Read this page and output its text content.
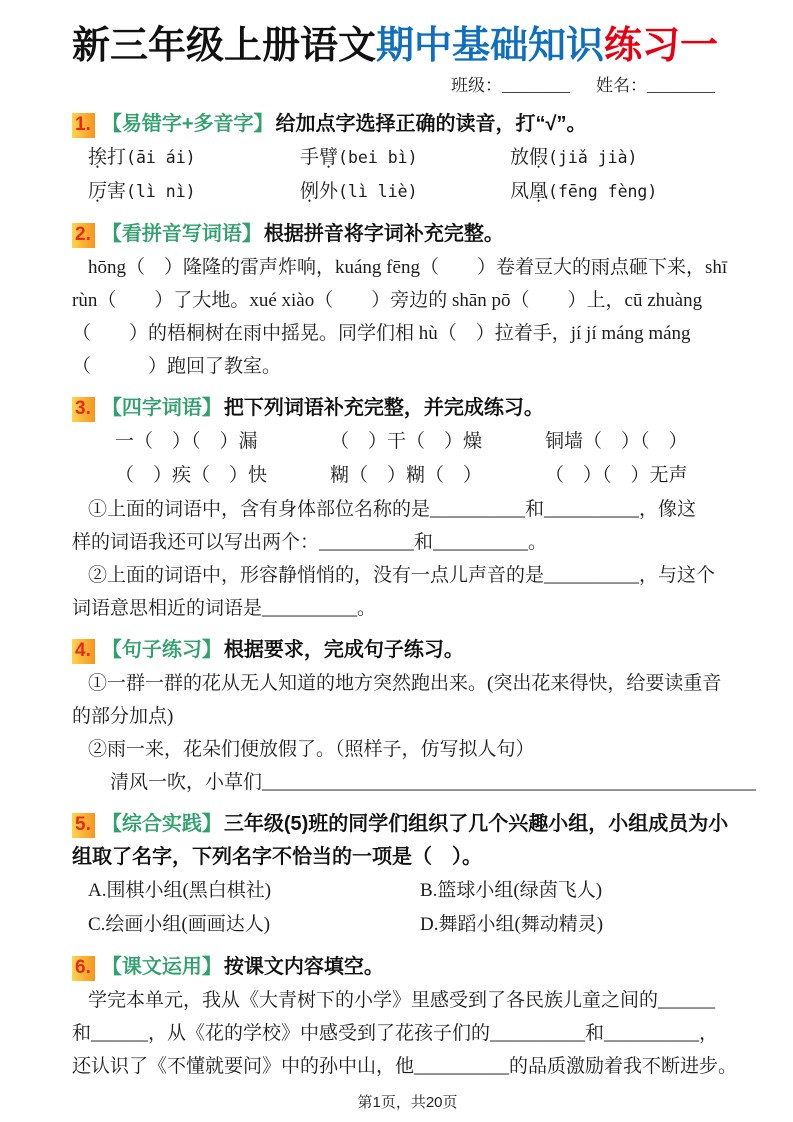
新三年级上册语文期中基础知识练习一
班级：________ 姓名：________
1. 【易错字+多音字】 给加点字选择正确的读音，打“√”。
挨打(āi ái)	手臂(bei bì)	放假(jiǎ jià)
厉害(lì nì)	例外(lì liè)	凤凰(fēng fèng)
2. 【看拼音写词语】 根据拼音将字词补充完整。
hōng（　）隆隆的雷声炸响，kuáng fēng（　　）卷着豆大的雨点砸下来，shī
rùn（　　）了大地。xué xiào（　　）旁边的 shān pō（　　）上，cū zhuàng
（　　）的梧桐树在雨中摇晃。同学们相 hù（　）拉着手，jí jí máng máng
（　　　）跑回了教室。
3. 【四字词语】 把下列词语补充完整，并完成练习。
一（　）（　）漏	（　）干（　）燥	铜墙（　）（　）
（　）疾（　）快	糊（　）糊（　）	（　）（　）无声
①上面的词语中，含有身体部位名称的是__________和__________，像这
样的词语我还可以写出两个：__________和__________。
②上面的词语中，形容静悄悄的，没有一点儿声音的是__________，与这个
词语意思相近的词语是__________。
4. 【句子练习】 根据要求，完成句子练习。
①一群一群的花从无人知道的地方突然跑出来。(突出花来得快，给要读重音
的部分加点)
②雨一来，花朵们便放假了。（照样子，仿写拟人句）
清风一吹，小草们____________________________________________________
5. 【综合实践】 三年级(5)班的同学们组织了几个兴趣小组，小组成员为小组取了名字，下列名字不恰当的一项是（　）。
A.围棋小组(黑白棋社)	B.篮球小组(绿茵飞人)
C.绘画小组(画画达人)	D.舞蹈小组(舞动精灵)
6. 【课文运用】 按课文内容填空。
学完本单元，我从《大青树下的小学》里感受到了各民族儿童之间的______
和______，从《花的学校》中感受到了花孩子们的__________和__________，
还认识了《不懂就要问》中的孙中山，他__________的品质激励着我不断进步。
第1页，共20页
